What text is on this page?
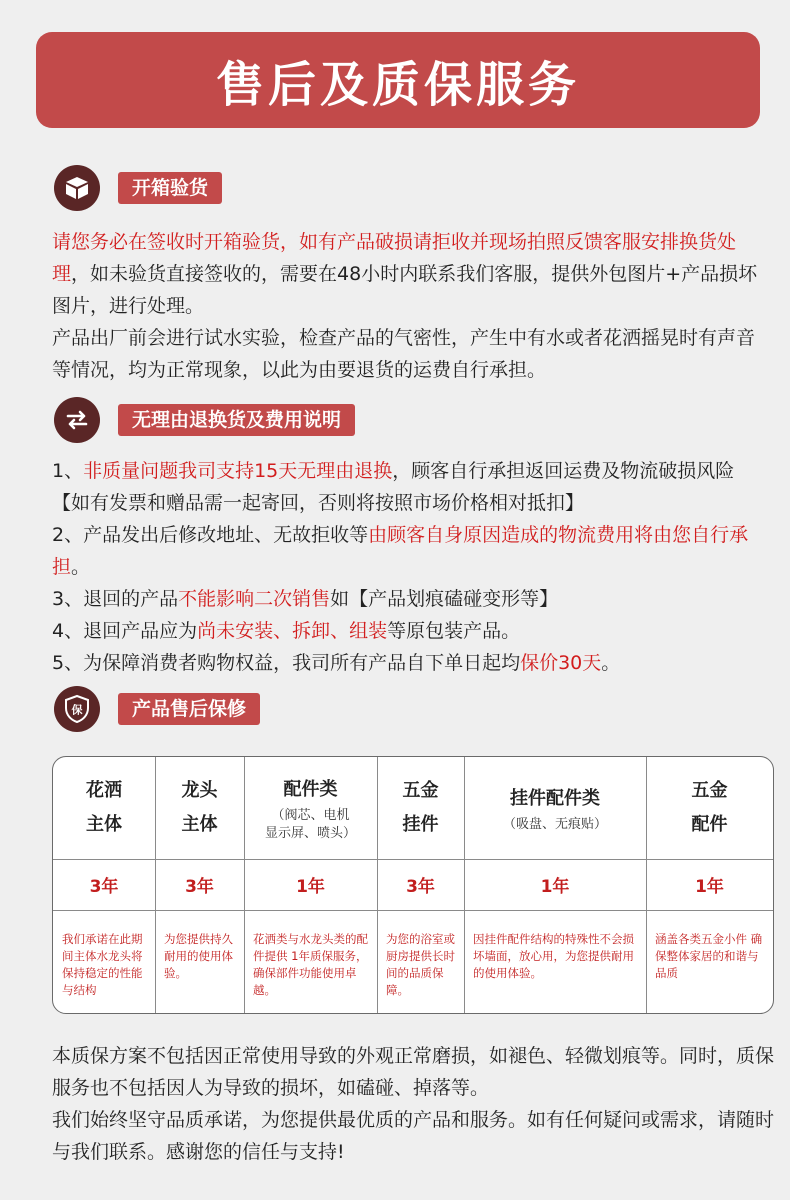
售后及质保服务
开箱验货
请您务必在签收时开箱验货，如有产品破损请拒收并现场拍照反馈客服安排换货处理，如未验货直接签收的，需要在48小时内联系我们客服，提供外包图片+产品损坏图片，进行处理。
产品出厂前会进行试水实验，检查产品的气密性，产生中有水或者花洒摇晃时有声音等情况，均为正常现象，以此为由要退货的运费自行承担。
无理由退换货及费用说明
1、非质量问题我司支持15天无理由退换，顾客自行承担返回运费及物流破损风险【如有发票和赠品需一起寄回，否则将按照市场价格相对抵扣】
2、产品发出后修改地址、无故拒收等由顾客自身原因造成的物流费用将由您自行承担。
3、退回的产品不能影响二次销售如【产品划痕磕碰变形等】
4、退回产品应为尚未安装、拆卸、组装等原包装产品。
5、为保障消费者购物权益，我司所有产品自下单日起均保价30天。
保	产品售后保修
花洒
主体
3年
我们承诺在此期间主体水龙头将保持稳定的性能与结构
龙头
主体
3年
为您提供持久耐用的使用体验。
配件类
（阀芯、电机
显示屏、喷头）
1年
花洒类与水龙头类的配件提供 1年质保服务，确保部件功能使用卓越。
五金
挂件
3年
为您的浴室或厨房提供长时间的品质保障。
挂件配件类
（吸盘、无痕贴）
1年
因挂件配件结构的特殊性不会损坏墙面，放心用，为您提供耐用的使用体验。
五金
配件
1年
涵盖各类五金小件 确保整体家居的和谐与品质
本质保方案不包括因正常使用导致的外观正常磨损，如褪色、轻微划痕等。同时，质保服务也不包括因人为导致的损坏，如磕碰、掉落等。
我们始终坚守品质承诺，为您提供最优质的产品和服务。如有任何疑问或需求，请随时与我们联系。感谢您的信任与支持!
